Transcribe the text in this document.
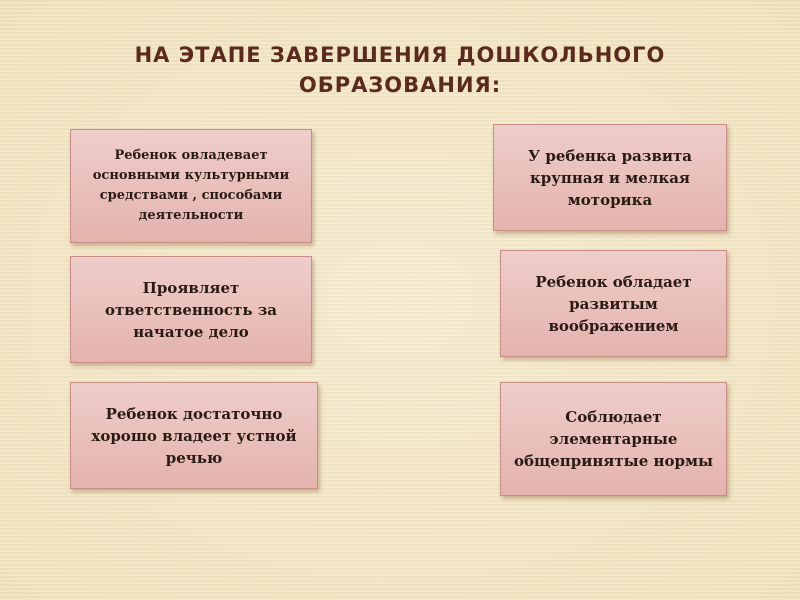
НА ЭТАПЕ ЗАВЕРШЕНИЯ ДОШКОЛЬНОГО
ОБРАЗОВАНИЯ:
Ребенок овладевает
основными культурными
средствами , способами
деятельности
У ребенка развита
крупная и мелкая
моторика
Проявляет
ответственность за
начатое дело
Ребенок обладает
развитым
воображением
Ребенок достаточно
хорошо владеет устной
речью
Соблюдает
элементарные
общепринятые нормы
